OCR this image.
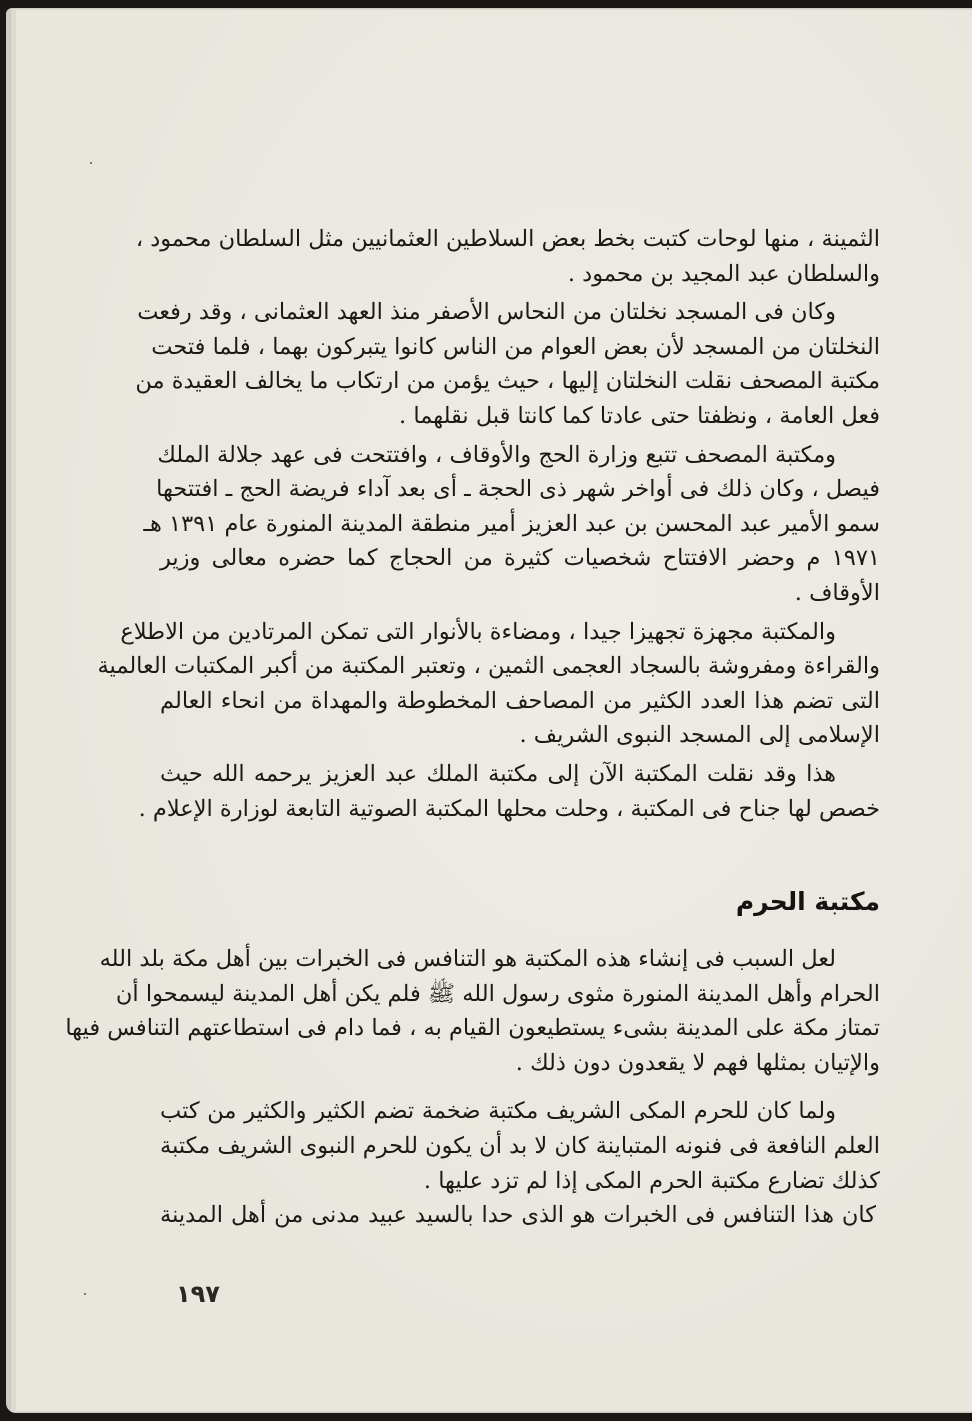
الثمينة ، منها لوحات كتبت بخط بعض السلاطين العثمانيين مثل السلطان محمود ،
والسلطان عبد المجيد بن محمود .
وكان فى المسجد نخلتان من النحاس الأصفر منذ العهد العثمانى ، وقد رفعت
النخلتان من المسجد لأن بعض العوام من الناس كانوا يتبركون بهما ، فلما فتحت
مكتبة المصحف نقلت النخلتان إليها ، حيث يؤمن من ارتكاب ما يخالف العقيدة من
فعل العامة ، ونظفتا حتى عادتا كما كانتا قبل نقلهما .
ومكتبة المصحف تتبع وزارة الحج والأوقاف ، وافتتحت فى عهد جلالة الملك
فيصل ، وكان ذلك فى أواخر شهر ذى الحجة ـ أى بعد آداء فريضة الحج ـ افتتحها
سمو الأمير عبد المحسن بن عبد العزيز أمير منطقة المدينة المنورة عام ١٣٩١ هـ
١٩٧١ م وحضر الافتتاح شخصيات كثيرة من الحجاج كما حضره معالى وزير
الأوقاف .
والمكتبة مجهزة تجهيزا جيدا ، ومضاءة بالأنوار التى تمكن المرتادين من الاطلاع
والقراءة ومفروشة بالسجاد العجمى الثمين ، وتعتبر المكتبة من أكبر المكتبات العالمية
التى تضم هذا العدد الكثير من المصاحف المخطوطة والمهداة من انحاء العالم
الإسلامى إلى المسجد النبوى الشريف .
هذا وقد نقلت المكتبة الآن إلى مكتبة الملك عبد العزيز يرحمه الله حيث
خصص لها جناح فى المكتبة ، وحلت محلها المكتبة الصوتية التابعة لوزارة الإعلام .
مكتبة الحرم
لعل السبب فى إنشاء هذه المكتبة هو التنافس فى الخبرات بين أهل مكة بلد الله
الحرام وأهل المدينة المنورة مثوى رسول الله ﷺ فلم يكن أهل المدينة ليسمحوا أن
تمتاز مكة على المدينة بشىء يستطيعون القيام به ، فما دام فى استطاعتهم التنافس فيها
والإتيان بمثلها فهم لا يقعدون دون ذلك .
ولما كان للحرم المكى الشريف مكتبة ضخمة تضم الكثير والكثير من كتب
العلم النافعة فى فنونه المتباينة كان لا بد أن يكون للحرم النبوى الشريف مكتبة
كذلك تضارع مكتبة الحرم المكى إذا لم تزد عليها .
كان هذا التنافس فى الخبرات هو الذى حدا بالسيد عبيد مدنى من أهل المدينة
١٩٧
